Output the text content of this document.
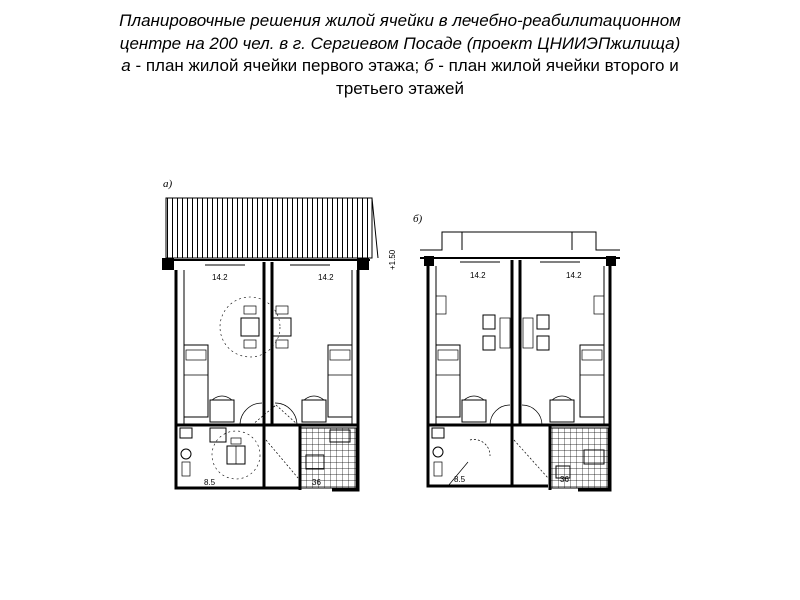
Планировочные решения жилой ячейки в лечебно-реабилитационном
центре на 200 чел. в г. Сергиевом Посаде (проект ЦНИИЭПжилища)
а - план жилой ячейки первого этажа; б - план жилой ячейки второго и
третьего этажей
а)
14.2	14.2
8.5
б)
+1.50
14.2	14.2
8.5
